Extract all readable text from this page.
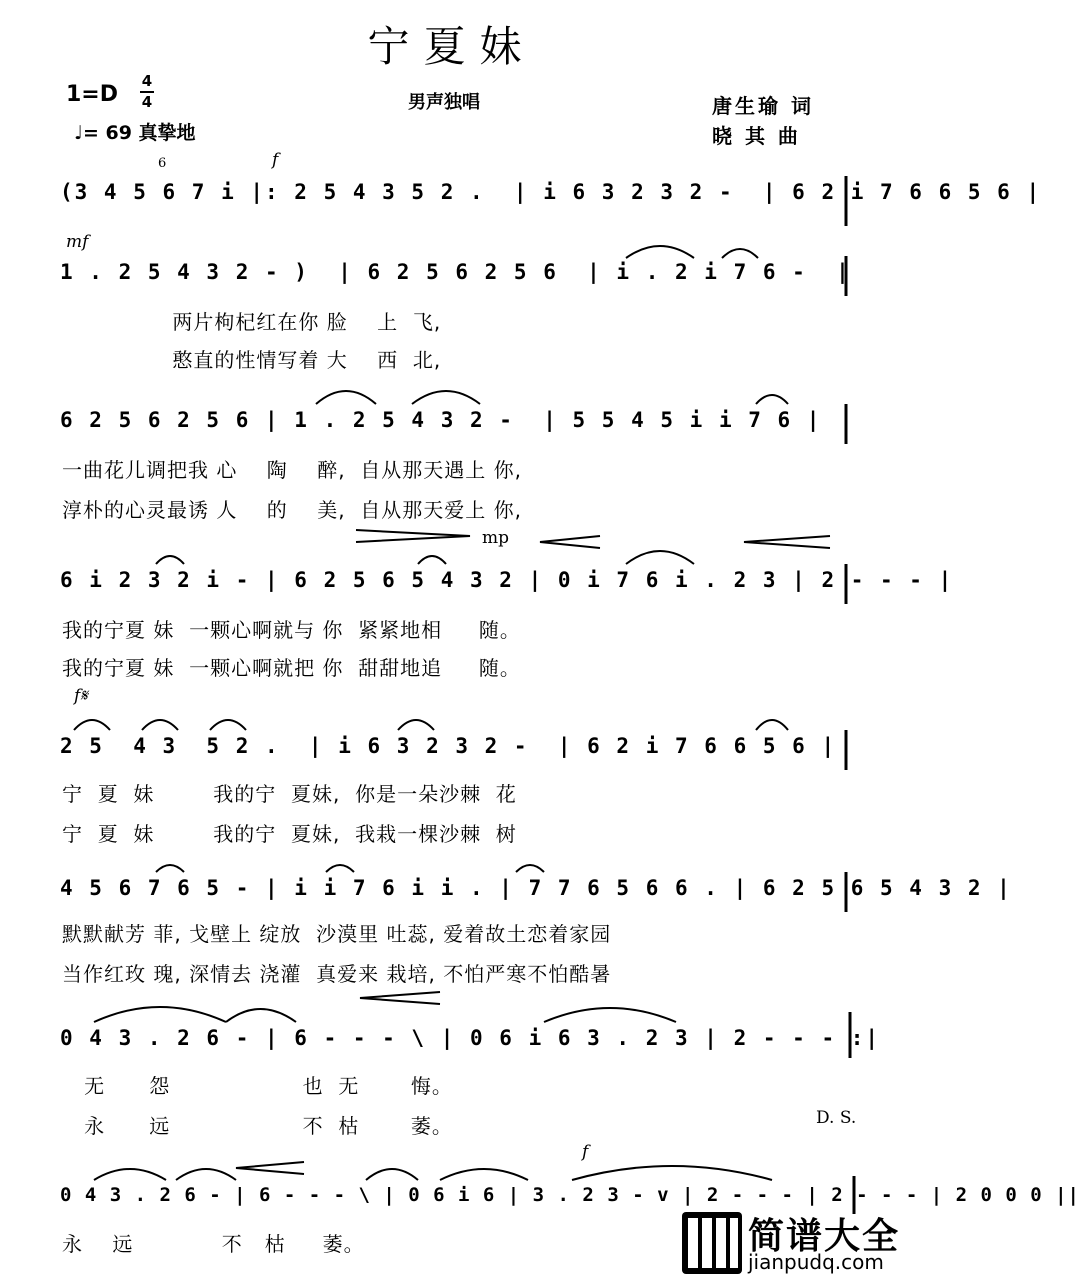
宁夏妹
1=D
4
4	男声独唱	唐生瑜 词
晓 其 曲
♩= 69 真挚地
f
6
mf
mp
f𝄋
D. S.
f
(3 4 5 6 7 i |: 2 5 4 3 5 2 .  | i 6 3 2 3 2 -  | 6 2 i 7 6 6 5 6 |
1 . 2 5 4 3 2 - )  | 6 2 5 6 2 5 6  | i . 2 i 7 6 -  |
两片枸杞红在你 脸    上  飞,
憨直的性情写着 大    西  北,
6 2 5 6 2 5 6 | 1 . 2 5 4 3 2 -  | 5 5 4 5 i i 7 6 |
一曲花儿调把我 心    陶    醉,  自从那天遇上 你,
淳朴的心灵最诱 人    的    美,  自从那天爱上 你,
6 i 2 3 2 i - | 6 2 5 6 5 4 3 2 | 0 i 7 6 i . 2 3 | 2 - - - |
我的宁夏 妹  一颗心啊就与 你  紧紧地相     随。
我的宁夏 妹  一颗心啊就把 你  甜甜地追     随。
2 5  4 3  5 2 .  | i 6 3 2 3 2 -  | 6 2 i 7 6 6 5 6 |
宁  夏  妹        我的宁  夏妹,  你是一朵沙棘  花
宁  夏  妹        我的宁  夏妹,  我栽一棵沙棘  树
4 5 6 7 6 5 - | i i 7 6 i i . | 7 7 6 5 6 6 . | 6 2 5 6 5 4 3 2 |
默默献芳 菲, 戈壁上 绽放  沙漠里 吐蕊, 爱着故土恋着家园
当作红玫 瑰, 深情去 浇灌  真爱来 栽培, 不怕严寒不怕酷暑
0 4 3 . 2 6 - | 6 - - - \ | 0 6 i 6 3 . 2 3 | 2 - - - :|
无      怨                  也  无       悔。
永      远                  不  枯       萎。
0 4 3 . 2 6 - | 6 - - - \ | 0 6 i 6 | 3 . 2 3 - v | 2 - - - | 2 - - - | 2 0 0 0 ||
永    远            不   枯     萎。	简谱大全
jianpudq.com
